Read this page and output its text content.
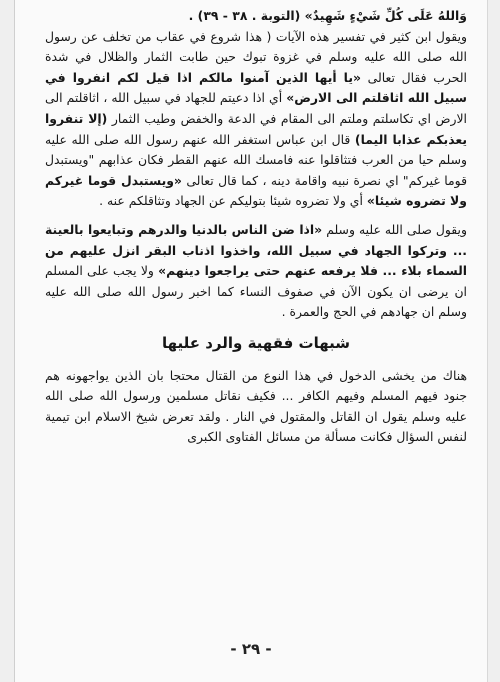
وَاللهُ عَلَى كُلِّ شَيْءٍ شَهِيدٌ» (التوبة . ٣٨ - ٣٩) .

ويقول ابن كثير في تفسير هذه الآيات ( هذا شروع في عقاب من تخلف عن رسول الله صلى الله عليه وسلم في غزوة تبوك حين طابت الثمار والظلال في شدة الحرب فقال تعالى «يا أيها الذين آمنوا مالكم اذا قيل لكم انفروا في سبيل الله اثاقلتم الى الارض» أي اذا دعيتم للجهاد في سبيل الله ، اثاقلتم الى الارض اي تكاسلتم وملتم الى المقام في الدعة والخفض وطيب الثمار (إلا تنفروا يعذبكم عذابا اليما) قال ابن عباس استغفر الله عنهم رسول الله صلى الله عليه وسلم حيا من العرب فتثاقلوا عنه فامسك الله عنهم القطر فكان عذابهم "ويستبدل قوما غيركم" اي نصرة نبيه واقامة دينه ، كما قال تعالى «ويستبدل قوما غيركم ولا تضروه شيئا» أي ولا تضروه شيئا بتوليكم عن الجهاد وتثاقلكم عنه .

ويقول صلى الله عليه وسلم «اذا ضن الناس بالدنيا والدرهم وتبايعوا بالعينة ... وتركوا الجهاد في سبيل الله، واخذوا اذناب البقر انزل عليهم من السماء بلاء ... فلا يرفعه عنهم حتى يراجعوا دينهم» ولا يجب على المسلم ان يرضى ان يكون الآن في صفوف النساء كما اخبر رسول الله صلى الله عليه وسلم ان جهادهم في الحج والعمرة .

شبهات فقهية والرد عليها

هناك من يخشى الدخول في هذا النوع من القتال محتجا بان الذين يواجهونه هم جنود فيهم المسلم وفيهم الكافر ... فكيف نقاتل مسلمين ورسول الله صلى الله عليه وسلم يقول ان القاتل والمقتول في النار . ولقد تعرض شيخ الاسلام ابن تيمية لنفس السؤال فكانت مسألة من مسائل الفتاوى الكبرى

- ٢٩ -
